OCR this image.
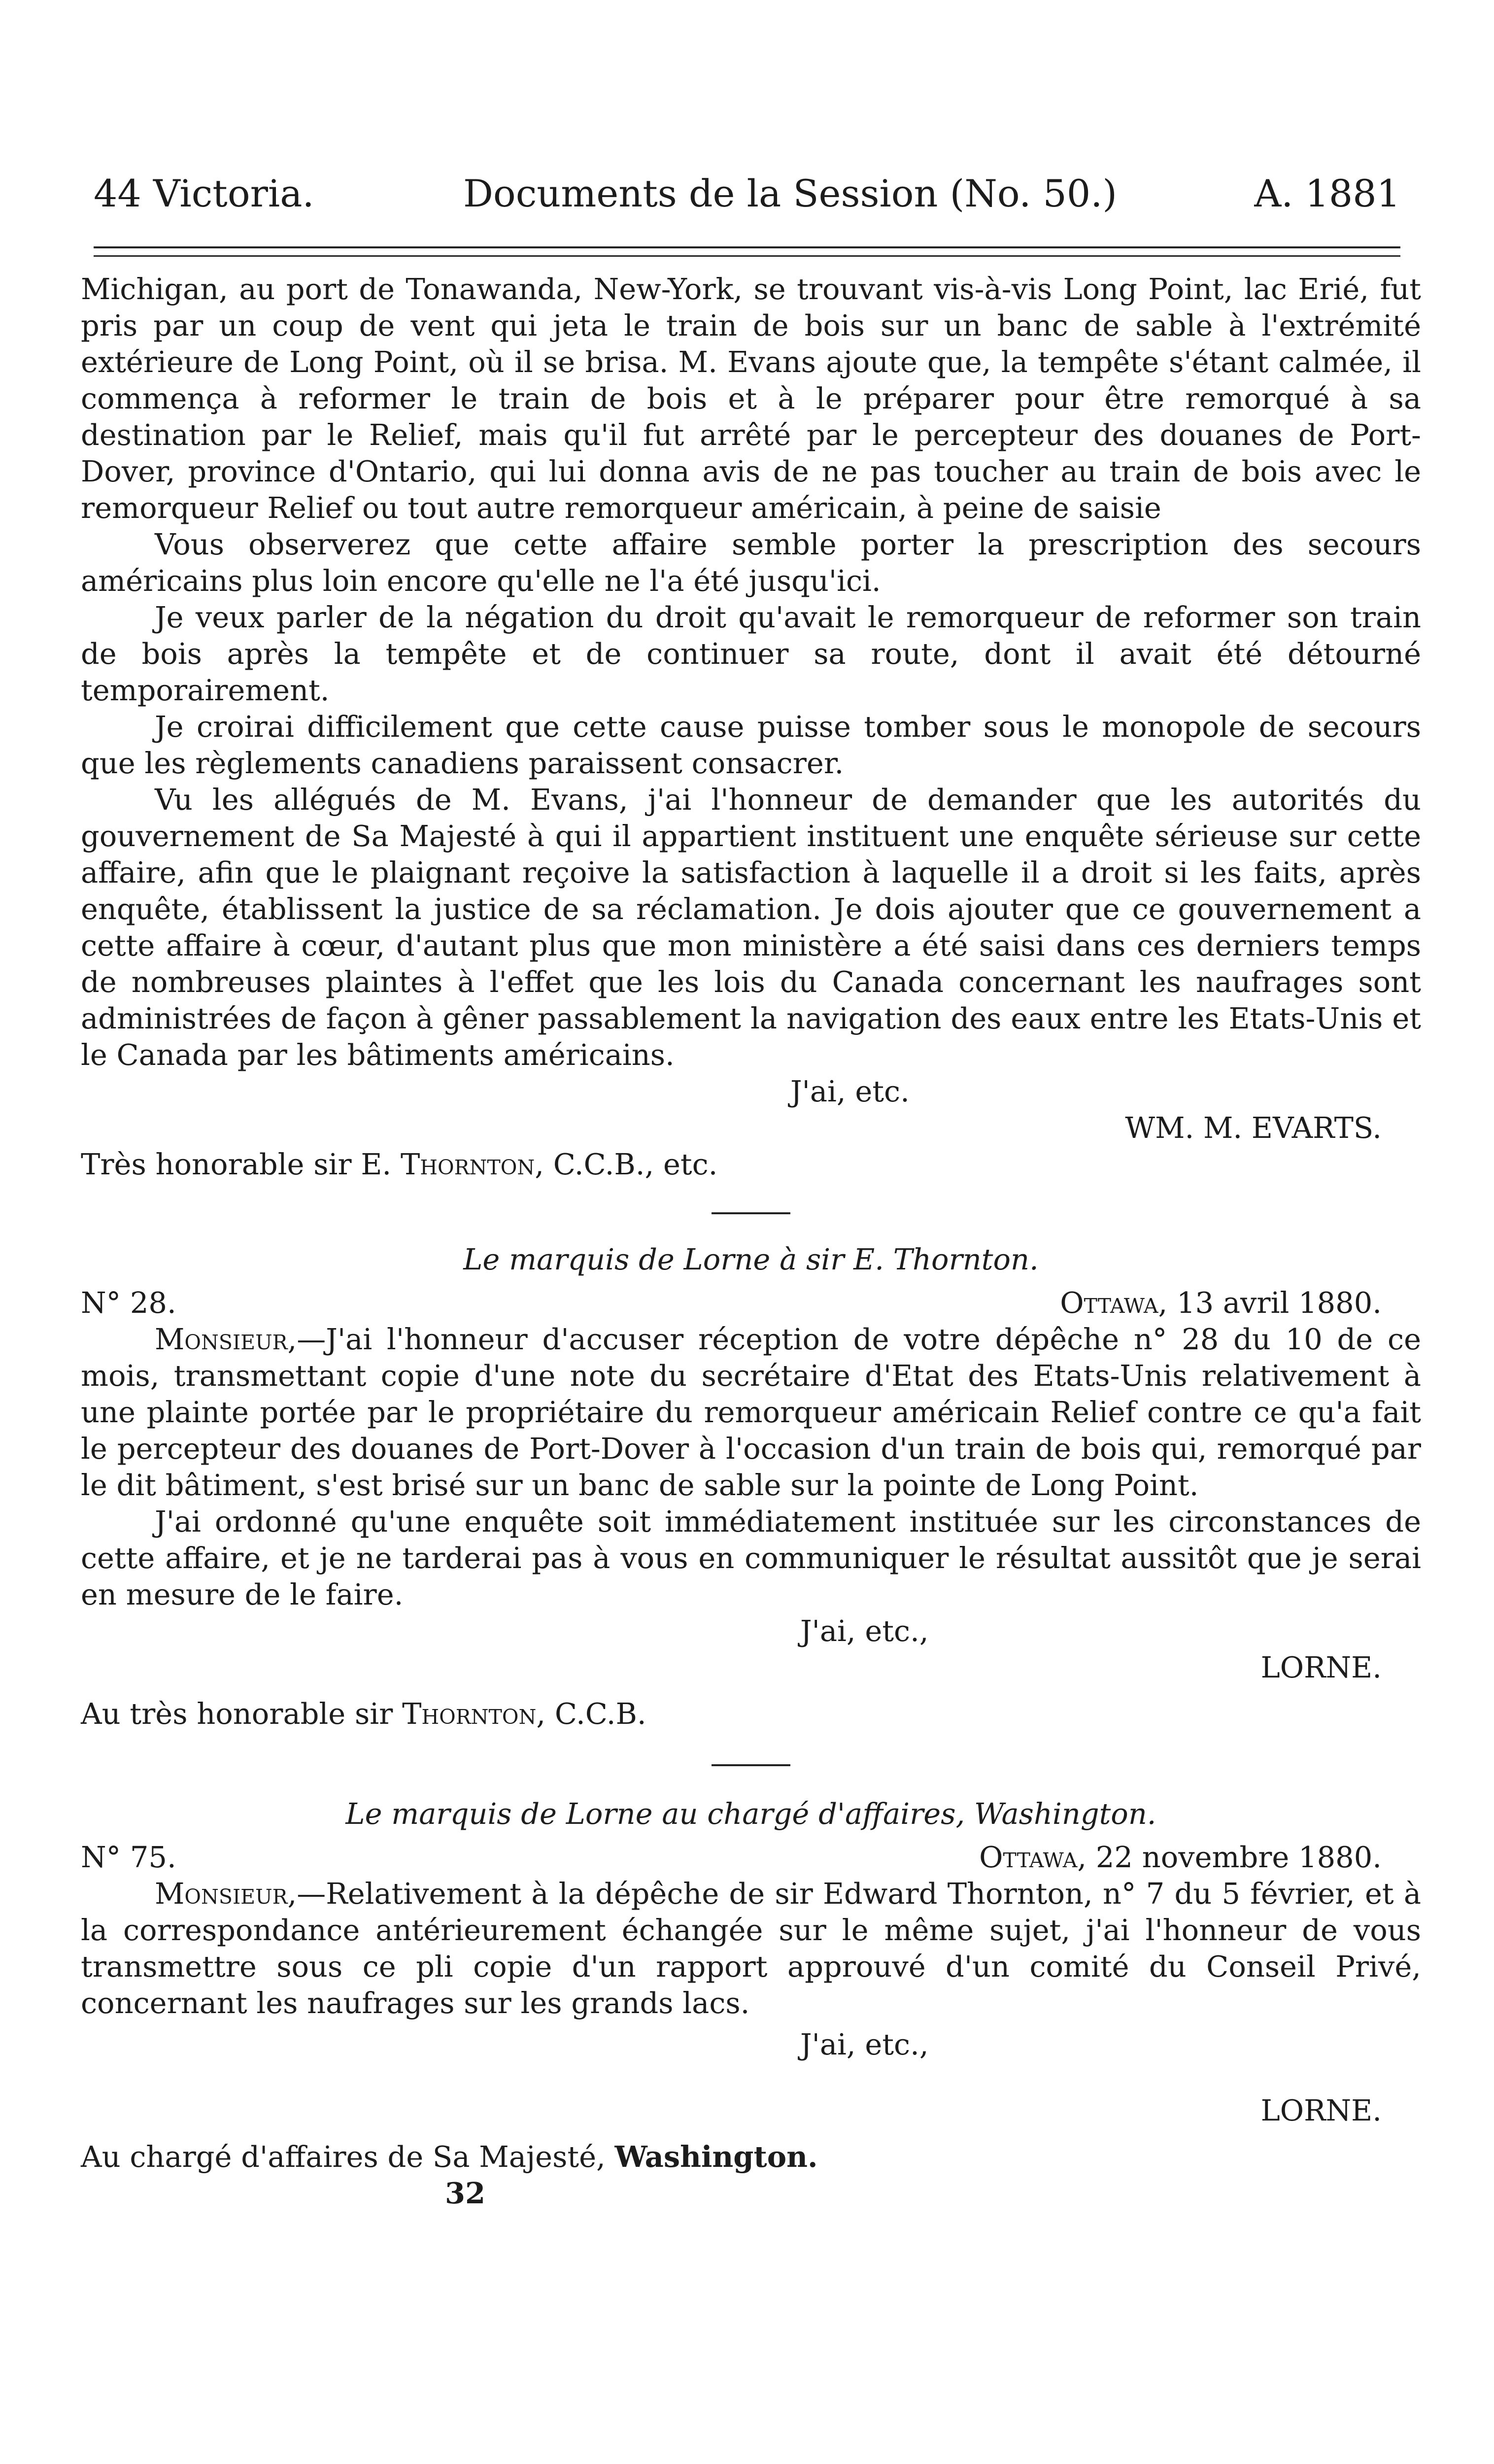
44 Victoria.	Documents de la Session (No. 50.)	A. 1881

Michigan, au port de Tonawanda, New-York, se trouvant vis-à-vis Long Point, lac Erié, fut pris par un coup de vent qui jeta le train de bois sur un banc de sable à l'extrémité extérieure de Long Point, où il se brisa. M. Evans ajoute que, la tempête s'étant calmée, il commença à reformer le train de bois et à le préparer pour être remorqué à sa destination par le Relief, mais qu'il fut arrêté par le percepteur des douanes de Port-Dover, province d'Ontario, qui lui donna avis de ne pas toucher au train de bois avec le remorqueur Relief ou tout autre remorqueur américain, à peine de saisie

Vous observerez que cette affaire semble porter la prescription des secours américains plus loin encore qu'elle ne l'a été jusqu'ici.

Je veux parler de la négation du droit qu'avait le remorqueur de reformer son train de bois après la tempête et de continuer sa route, dont il avait été détourné temporairement.

Je croirai difficilement que cette cause puisse tomber sous le monopole de secours que les règlements canadiens paraissent consacrer.

Vu les allégués de M. Evans, j'ai l'honneur de demander que les autorités du gouvernement de Sa Majesté à qui il appartient instituent une enquête sérieuse sur cette affaire, afin que le plaignant reçoive la satisfaction à laquelle il a droit si les faits, après enquête, établissent la justice de sa réclamation. Je dois ajouter que ce gouvernement a cette affaire à cœur, d'autant plus que mon ministère a été saisi dans ces derniers temps de nombreuses plaintes à l'effet que les lois du Canada concernant les naufrages sont administrées de façon à gêner passablement la navigation des eaux entre les Etats-Unis et le Canada par les bâtiments américains.

J'ai, etc.

WM. M. EVARTS.

Très honorable sir E. Thornton, C.C.B., etc.

Le marquis de Lorne à sir E. Thornton.

N° 28.	Ottawa, 13 avril 1880.

Monsieur,—J'ai l'honneur d'accuser réception de votre dépêche n° 28 du 10 de ce mois, transmettant copie d'une note du secrétaire d'Etat des Etats-Unis relativement à une plainte portée par le propriétaire du remorqueur américain Relief contre ce qu'a fait le percepteur des douanes de Port-Dover à l'occasion d'un train de bois qui, remorqué par le dit bâtiment, s'est brisé sur un banc de sable sur la pointe de Long Point.

J'ai ordonné qu'une enquête soit immédiatement instituée sur les circonstances de cette affaire, et je ne tarderai pas à vous en communiquer le résultat aussitôt que je serai en mesure de le faire.

J'ai, etc.,

LORNE.

Au très honorable sir Thornton, C.C.B.

Le marquis de Lorne au chargé d'affaires, Washington.

N° 75.	Ottawa, 22 novembre 1880.

Monsieur,—Relativement à la dépêche de sir Edward Thornton, n° 7 du 5 février, et à la correspondance antérieurement échangée sur le même sujet, j'ai l'honneur de vous transmettre sous ce pli copie d'un rapport approuvé d'un comité du Conseil Privé, concernant les naufrages sur les grands lacs.

J'ai, etc.,

LORNE.

Au chargé d'affaires de Sa Majesté, Washington.

32
